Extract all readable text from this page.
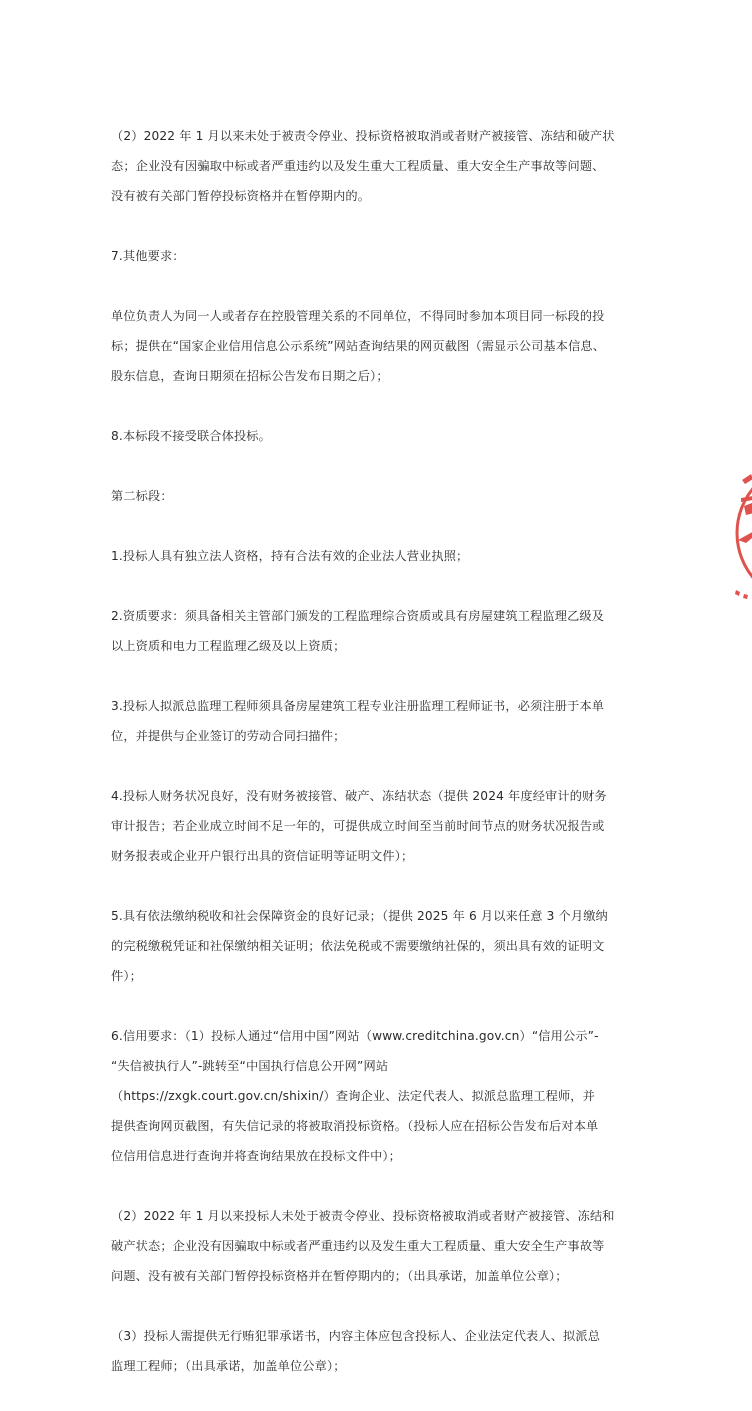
（2）2022 年 1 月以来未处于被责令停业、投标资格被取消或者财产被接管、冻结和破产状
态；企业没有因骗取中标或者严重违约以及发生重大工程质量、重大安全生产事故等问题、
没有被有关部门暂停投标资格并在暂停期内的。

7.其他要求：

单位负责人为同一人或者存在控股管理关系的不同单位，不得同时参加本项目同一标段的投
标；提供在“国家企业信用信息公示系统”网站查询结果的网页截图（需显示公司基本信息、
股东信息，查询日期须在招标公告发布日期之后）；

8.本标段不接受联合体投标。

第二标段：

1.投标人具有独立法人资格，持有合法有效的企业法人营业执照；

2.资质要求：须具备相关主管部门颁发的工程监理综合资质或具有房屋建筑工程监理乙级及
以上资质和电力工程监理乙级及以上资质；

3.投标人拟派总监理工程师须具备房屋建筑工程专业注册监理工程师证书，必须注册于本单
位，并提供与企业签订的劳动合同扫描件；

4.投标人财务状况良好，没有财务被接管、破产、冻结状态（提供 2024 年度经审计的财务
审计报告；若企业成立时间不足一年的，可提供成立时间至当前时间节点的财务状况报告或
财务报表或企业开户银行出具的资信证明等证明文件）；

5.具有依法缴纳税收和社会保障资金的良好记录；（提供 2025 年 6 月以来任意 3 个月缴纳
的完税缴税凭证和社保缴纳相关证明；依法免税或不需要缴纳社保的，须出具有效的证明文
件）；

6.信用要求：（1）投标人通过“信用中国”网站（www.creditchina.gov.cn）“信用公示”-
“失信被执行人”-跳转至“中国执行信息公开网”网站
（https://zxgk.court.gov.cn/shixin/）查询企业、法定代表人、拟派总监理工程师，并
提供查询网页截图，有失信记录的将被取消投标资格。（投标人应在招标公告发布后对本单
位信用信息进行查询并将查询结果放在投标文件中）；

（2）2022 年 1 月以来投标人未处于被责令停业、投标资格被取消或者财产被接管、冻结和
破产状态；企业没有因骗取中标或者严重违约以及发生重大工程质量、重大安全生产事故等
问题、没有被有关部门暂停投标资格并在暂停期内的；（出具承诺，加盖单位公章）；

（3）投标人需提供无行贿犯罪承诺书，内容主体应包含投标人、企业法定代表人、拟派总
监理工程师；（出具承诺，加盖单位公章）；
